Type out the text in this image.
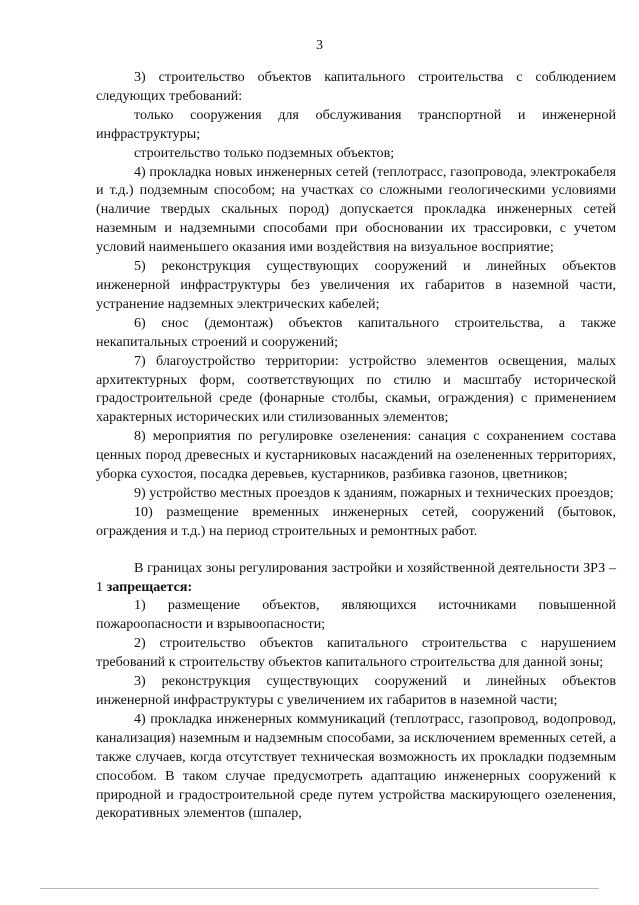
3

3) строительство объектов капитального строительства с соблюдением следующих требований:

только сооружения для обслуживания транспортной и инженерной инфраструктуры;

строительство только подземных объектов;

4) прокладка новых инженерных сетей (теплотрасс, газопровода, электрокабеля и т.д.) подземным способом; на участках со сложными геологическими условиями (наличие твердых скальных пород) допускается прокладка инженерных сетей наземным и надземными способами при обосновании их трассировки, с учетом условий наименьшего оказания ими воздействия на визуальное восприятие;

5) реконструкция существующих сооружений и линейных объектов инженерной инфраструктуры без увеличения их габаритов в наземной части, устранение надземных электрических кабелей;

6) снос (демонтаж) объектов капитального строительства, а также некапитальных строений и сооружений;

7) благоустройство территории: устройство элементов освещения, малых архитектурных форм, соответствующих по стилю и масштабу исторической градостроительной среде (фонарные столбы, скамьи, ограждения) с применением характерных исторических или стилизованных элементов;

8) мероприятия по регулировке озеленения: санация с сохранением состава ценных пород древесных и кустарниковых насаждений на озелененных территориях, уборка сухостоя, посадка деревьев, кустарников, разбивка газонов, цветников;

9) устройство местных проездов к зданиям, пожарных и технических проездов;

10) размещение временных инженерных сетей, сооружений (бытовок, ограждения и т.д.) на период строительных и ремонтных работ.

В границах зоны регулирования застройки и хозяйственной деятельности ЗРЗ – 1 запрещается:

1) размещение объектов, являющихся источниками повышенной пожароопасности и взрывоопасности;

2) строительство объектов капитального строительства с нарушением требований к строительству объектов капитального строительства для данной зоны;

3) реконструкция существующих сооружений и линейных объектов инженерной инфраструктуры с увеличением их габаритов в наземной части;

4) прокладка инженерных коммуникаций (теплотрасс, газопровод, водопровод, канализация) наземным и надземным способами, за исключением временных сетей, а также случаев, когда отсутствует техническая возможность их прокладки подземным способом. В таком случае предусмотреть адаптацию инженерных сооружений к природной и градостроительной среде путем устройства маскирующего озеленения, декоративных элементов (шпалер,
